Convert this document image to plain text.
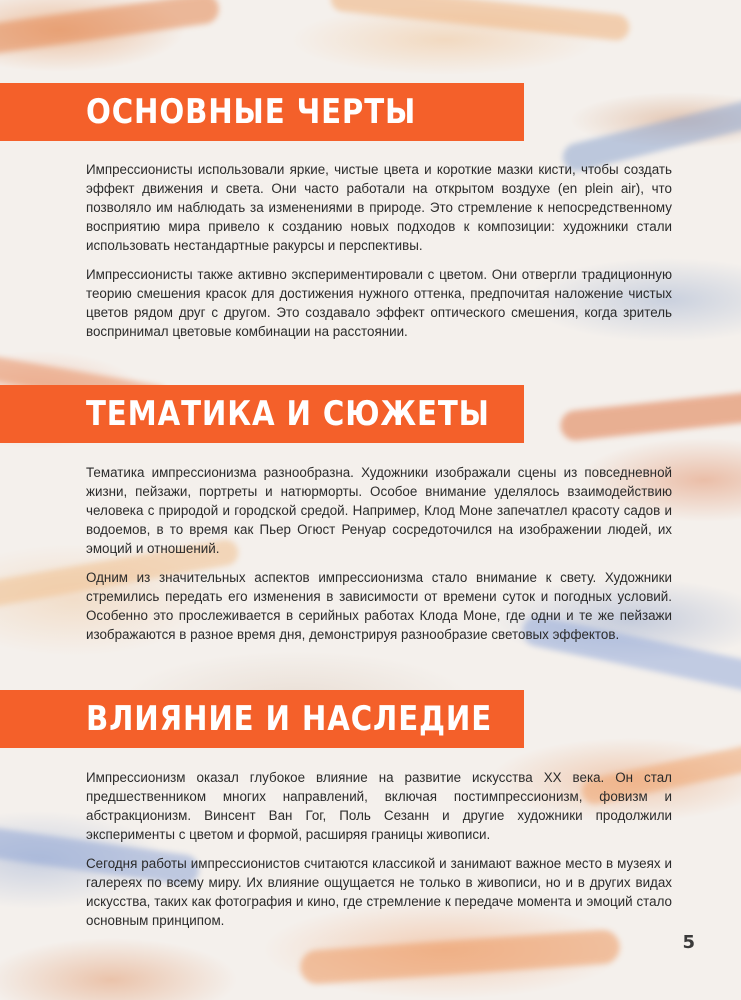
ОСНОВНЫЕ ЧЕРТЫ

Импрессионисты использовали яркие, чистые цвета и короткие мазки кисти, чтобы создать эффект движения и света. Они часто работали на открытом воздухе (en plein air), что позволяло им наблюдать за изменениями в природе. Это стремление к непосредственному восприятию мира привело к созданию новых подходов к композиции: художники стали использовать нестандартные ракурсы и перспективы.

Импрессионисты также активно экспериментировали с цветом. Они отвергли традиционную теорию смешения красок для достижения нужного оттенка, предпочитая наложение чистых цветов рядом друг с другом. Это создавало эффект оптического смешения, когда зритель воспринимал цветовые комбинации на расстоянии.

ТЕМАТИКА И СЮЖЕТЫ

Тематика импрессионизма разнообразна. Художники изображали сцены из повседневной жизни, пейзажи, портреты и натюрморты. Особое внимание уделялось взаимодействию человека с природой и городской средой. Например, Клод Моне запечатлел красоту садов и водоемов, в то время как Пьер Огюст Ренуар сосредоточился на изображении людей, их эмоций и отношений.

Одним из значительных аспектов импрессионизма стало внимание к свету. Художники стремились передать его изменения в зависимости от времени суток и погодных условий. Особенно это прослеживается в серийных работах Клода Моне, где одни и те же пейзажи изображаются в разное время дня, демонстрируя разнообразие световых эффектов.

ВЛИЯНИЕ И НАСЛЕДИЕ

Импрессионизм оказал глубокое влияние на развитие искусства XX века. Он стал предшественником многих направлений, включая постимпрессионизм, фовизм и абстракционизм. Винсент Ван Гог, Поль Сезанн и другие художники продолжили эксперименты с цветом и формой, расширяя границы живописи.

Сегодня работы импрессионистов считаются классикой и занимают важное место в музеях и галереях по всему миру. Их влияние ощущается не только в живописи, но и в других видах искусства, таких как фотография и кино, где стремление к передаче момента и эмоций стало основным принципом.

5
